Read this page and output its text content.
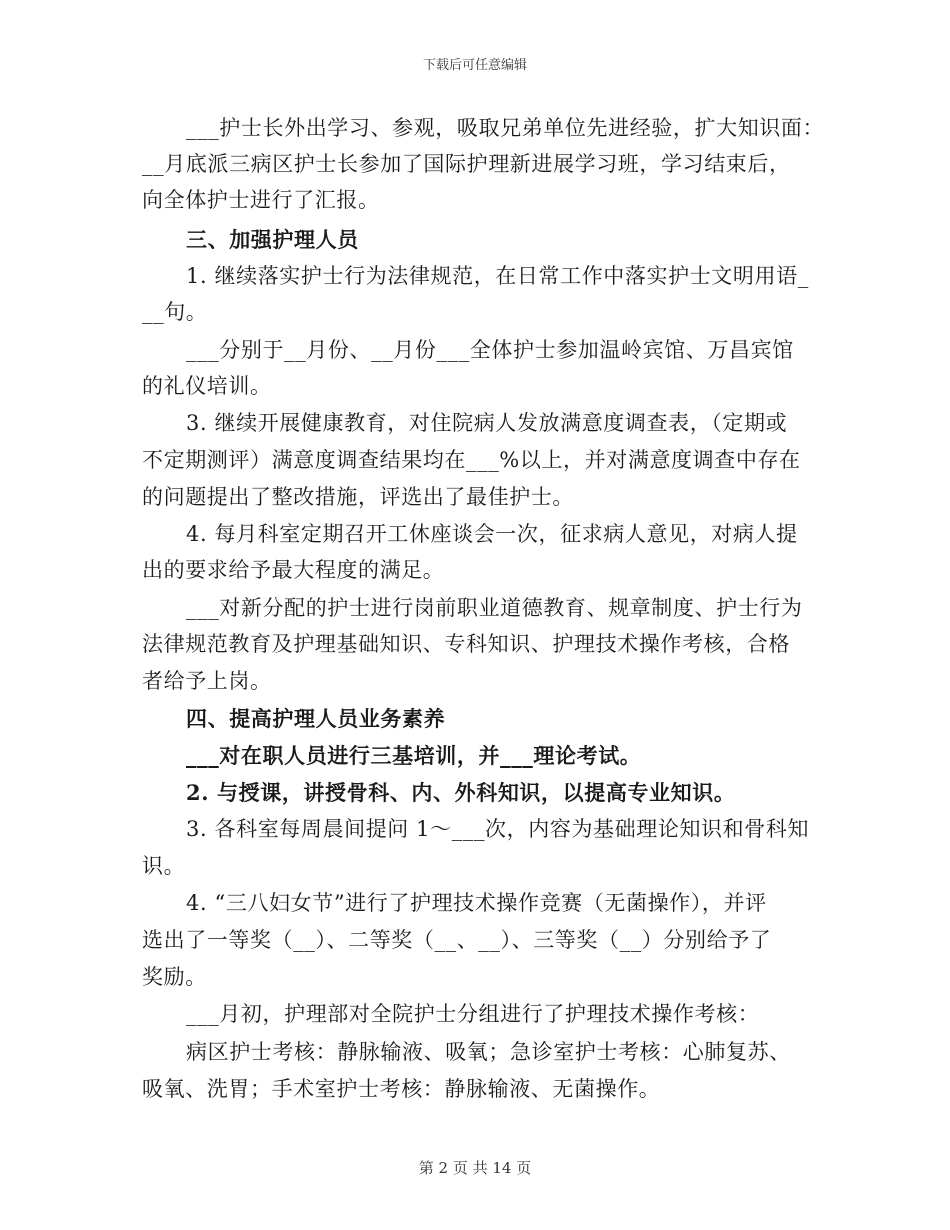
下载后可任意编辑
___护士长外出学习、参观，吸取兄弟单位先进经验，扩大知识面：
__月底派三病区护士长参加了国际护理新进展学习班，学习结束后，
向全体护士进行了汇报。
三、加强护理人员
1. 继续落实护士行为法律规范，在日常工作中落实护士文明用语_
__句。
___分别于__月份、__月份___全体护士参加温岭宾馆、万昌宾馆
的礼仪培训。
3. 继续开展健康教育，对住院病人发放满意度调查表，（定期或
不定期测评）满意度调查结果均在___%以上，并对满意度调查中存在
的问题提出了整改措施，评选出了最佳护士。
4. 每月科室定期召开工休座谈会一次，征求病人意见，对病人提
出的要求给予最大程度的满足。
___对新分配的护士进行岗前职业道德教育、规章制度、护士行为
法律规范教育及护理基础知识、专科知识、护理技术操作考核，合格
者给予上岗。
四、提高护理人员业务素养
___对在职人员进行三基培训，并___理论考试。
2. 与授课，讲授骨科、内、外科知识，以提高专业知识。
3. 各科室每周晨间提问 1～___次，内容为基础理论知识和骨科知
识。
4. “三八妇女节”进行了护理技术操作竞赛（无菌操作），并评
选出了一等奖（__）、二等奖（__、__）、三等奖（__）分别给予了
奖励。
___月初，护理部对全院护士分组进行了护理技术操作考核：
病区护士考核：静脉输液、吸氧；急诊室护士考核：心肺复苏、
吸氧、洗胃；手术室护士考核：静脉输液、无菌操作。
第 2 页 共 14 页
